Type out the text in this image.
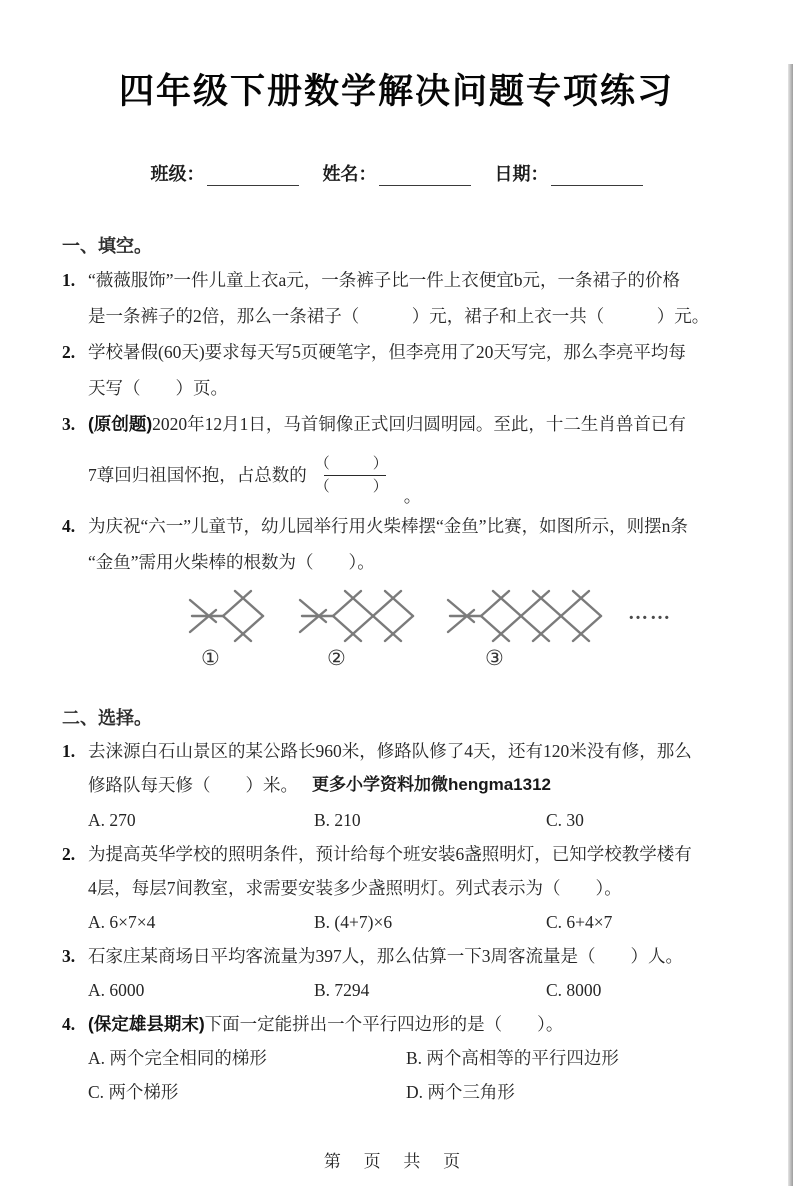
四年级下册数学解决问题专项练习
班级：	姓名：	日期：
一、填空。
1. “薇薇服饰”一件儿童上衣a元，一条裤子比一件上衣便宜b元，一条裙子的价格
是一条裤子的2倍，那么一条裙子（　　　）元，裙子和上衣一共（　　　）元。
2. 学校暑假(60天)要求每天写5页硬笔字，但李亮用了20天写完，那么李亮平均每
天写（　　）页。
3. (原创题)2020年12月1日，马首铜像正式回归圆明园。至此，十二生肖兽首已有
7尊回归祖国怀抱，占总数的 $\frac{( )}{( )}$
。
4. 为庆祝“六一”儿童节，幼儿园举行用火柴棒摆“金鱼”比赛，如图所示，则摆n条
“金鱼”需用火柴棒的根数为（　　）。
……
①	②	③
二、选择。
1. 去涞源白石山景区的某公路长960米，修路队修了4天，还有120米没有修，那么
修路队每天修（　　）米。 更多小学资料加微hengma1312
A. 270	B. 210	C. 30
2. 为提高英华学校的照明条件，预计给每个班安装6盏照明灯，已知学校教学楼有
4层，每层7间教室，求需要安装多少盏照明灯。列式表示为（　　）。
A. 6×7×4	B. (4+7)×6	C. 6+4×7
3. 石家庄某商场日平均客流量为397人，那么估算一下3周客流量是（　　）人。
A. 6000	B. 7294	C. 8000
4. (保定雄县期末)下面一定能拼出一个平行四边形的是（　　）。
A. 两个完全相同的梯形	B. 两个高相等的平行四边形
C. 两个梯形	D. 两个三角形
第 页 共 页
